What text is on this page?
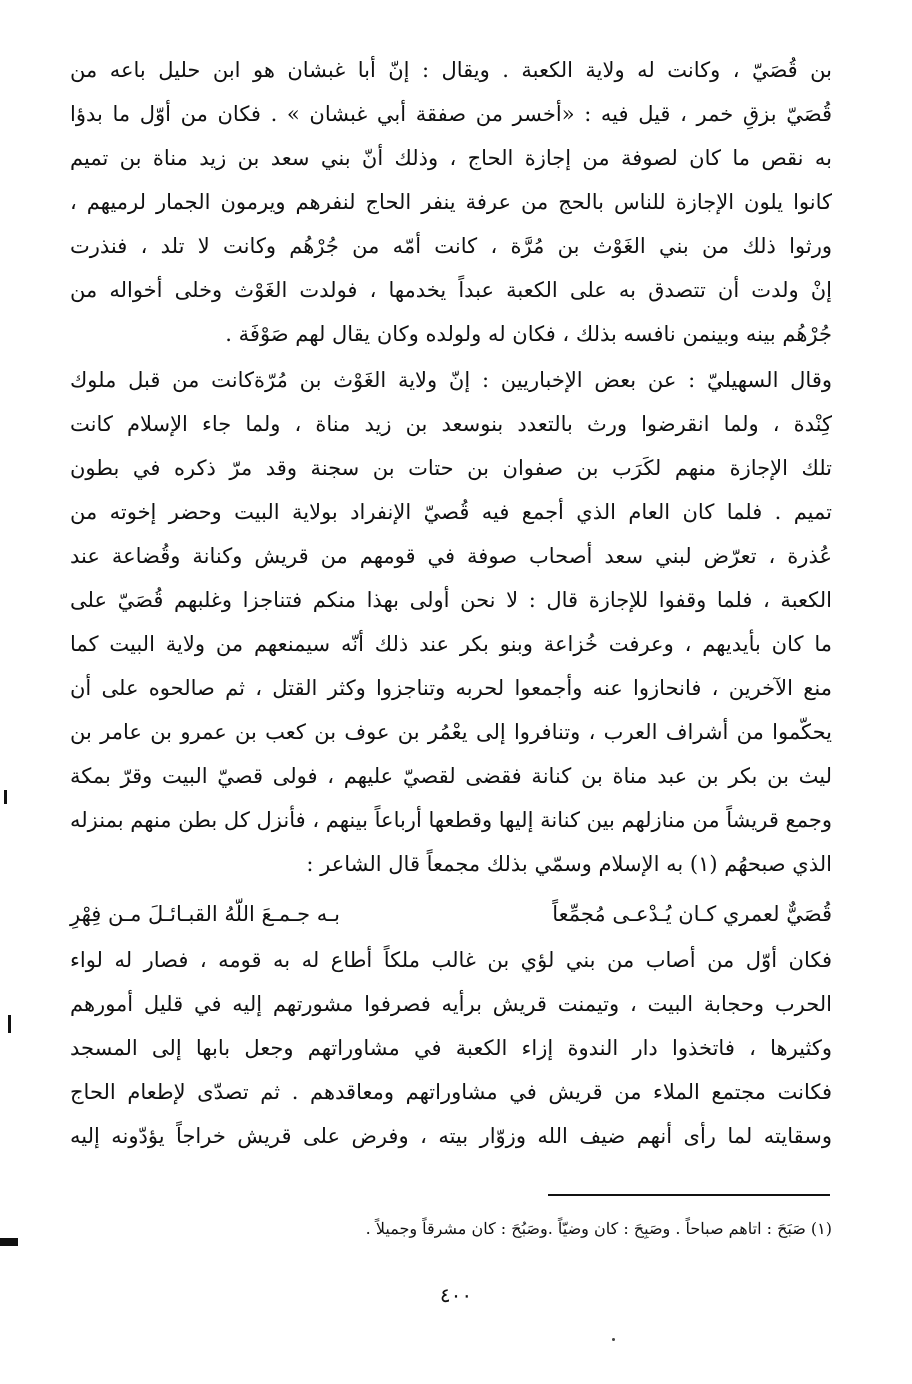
بن قُصَيّ ، وكانت له ولاية الكعبة . ويقال : إنّ أبا غبشان هو ابن حليل باعه من
قُصَيّ بزقِ خمر ، قيل فيه : «أخسر من صفقة أبي غبشان » . فكان من أوّل ما بدؤا
به نقص ما كان لصوفة من إجازة الحاج ، وذلك أنّ بني سعد بن زيد مناة بن تميم
كانوا يلون الإجازة للناس بالحج من عرفة ينفر الحاج لنفرهم ويرمون الجمار لرميهم ،
ورثوا ذلك من بني الغَوْث بن مُرَّة ، كانت أمّه من جُرْهُم وكانت لا تلد ، فنذرت
إنْ ولدت أن تتصدق به على الكعبة عبداً يخدمها ، فولدت الغَوْث وخلى أخواله من
جُرْهُم بينه وبينمن نافسه بذلك ، فكان له ولولده وكان يقال لهم صَوْفَة .
وقال السهيليّ : عن بعض الإخباريين : إنّ ولاية الغَوْث بن مُرّةكانت من قبل ملوك
كِنْدة ، ولما انقرضوا ورث بالتعدد بنوسعد بن زيد مناة ، ولما جاء الإسلام كانت
تلك الإجازة منهم لكَرَب بن صفوان بن حتات بن سجنة وقد مرّ ذكره في بطون
تميم . فلما كان العام الذي أجمع فيه قُصيّ الإنفراد بولاية البيت وحضر إخوته من
عُذرة ، تعرّض لبني سعد أصحاب صوفة في قومهم من قريش وكنانة وقُضاعة عند
الكعبة ، فلما وقفوا للإجازة قال : لا نحن أولى بهذا منكم فتناجزا وغلبهم قُصَيّ على
ما كان بأيديهم ، وعرفت خُزاعة وبنو بكر عند ذلك أنّه سيمنعهم من ولاية البيت كما
منع الآخرين ، فانحازوا عنه وأجمعوا لحربه وتناجزوا وكثر القتل ، ثم صالحوه على أن
يحكّموا من أشراف العرب ، وتنافروا إلى يعْمُر بن عوف بن كعب بن عمرو بن عامر بن
ليث بن بكر بن عبد مناة بن كنانة فقضى لقصيّ عليهم ، فولى قصيّ البيت وقرّ بمكة
وجمع قريشاً من منازلهم بين كنانة إليها وقطعها أرباعاً بينهم ، فأنزل كل بطن منهم بمنزله
الذي صبحهُم (١) به الإسلام وسمّي بذلك مجمعاً قال الشاعر :
قُصَيٌّ لعمري كـان يُـدْعـى مُجمِّعاً
بـه جـمـعَ اللّهُ القبـائـلَ مـن فِهْرِ
فكان أوّل من أصاب من بني لؤي بن غالب ملكاً أطاع له به قومه ، فصار له لواء
الحرب وحجابة البيت ، وتيمنت قريش برأيه فصرفوا مشورتهم إليه في قليل أمورهم
وكثيرها ، فاتخذوا دار الندوة إزاء الكعبة في مشاوراتهم وجعل بابها إلى المسجد
فكانت مجتمع الملاء من قريش في مشاوراتهم ومعاقدهم . ثم تصدّى لإطعام الحاج
وسقايته لما رأى أنهم ضيف الله وزوّار بيته ، وفرض على قريش خراجاً يؤدّونه إليه
(١) صَبَحَ : اتاهم صباحاً . وصَبِحَ : كان وضيّاً .وصَبُحَ : كان مشرقاً وجميلاً .
٤٠٠
